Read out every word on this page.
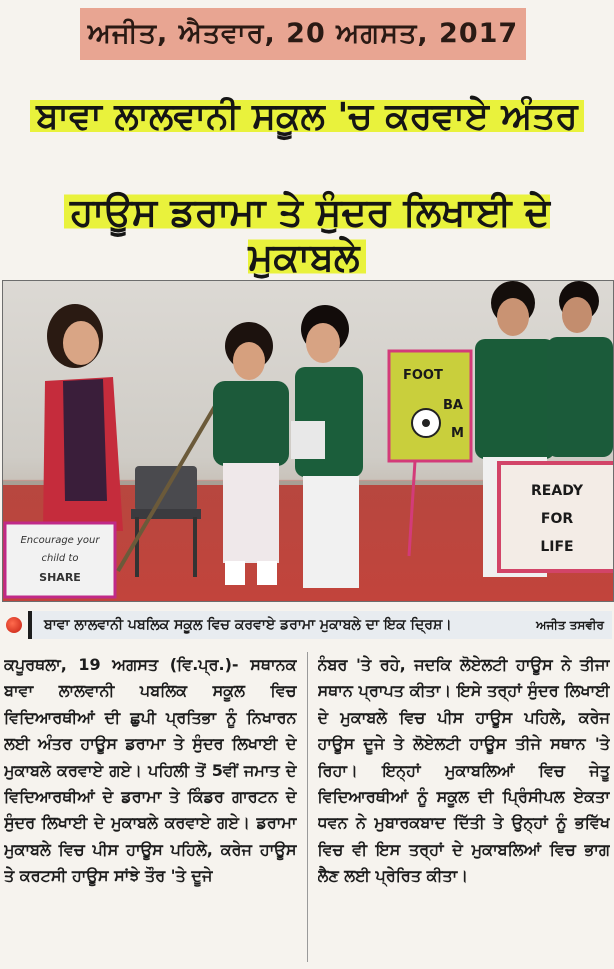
ਅਜੀਤ, ਐਤਵਾਰ, 20 ਅਗਸਤ, 2017
ਬਾਵਾ ਲਾਲਵਾਨੀ ਸਕੂਲ 'ਚ ਕਰਵਾਏ ਅੰਤਰ
ਹਾਊਸ ਡਰਾਮਾ ਤੇ ਸੁੰਦਰ ਲਿਖਾਈ ਦੇ ਮੁਕਾਬਲੇ
FOOT
BA
M
READY
FOR
LIFE
Encourage your
child to
SHARE
ਬਾਵਾ ਲਾਲਵਾਨੀ ਪਬਲਿਕ ਸਕੂਲ ਵਿਚ ਕਰਵਾਏ ਡਰਾਮਾ ਮੁਕਾਬਲੇ ਦਾ ਇਕ ਦ੍ਰਿਸ਼।	ਅਜੀਤ ਤਸਵੀਰ

ਕਪੂਰਥਲਾ, 19 ਅਗਸਤ (ਵਿ.ਪ੍ਰ.)- ਸਥਾਨਕ ਬਾਵਾ ਲਾਲਵਾਨੀ ਪਬਲਿਕ ਸਕੂਲ ਵਿਚ ਵਿਦਿਆਰਥੀਆਂ ਦੀ ਛੁਪੀ ਪ੍ਰਤਿਭਾ ਨੂੰ ਨਿਖਾਰਨ ਲਈ ਅੰਤਰ ਹਾਊਸ ਡਰਾਮਾ ਤੇ ਸੁੰਦਰ ਲਿਖਾਈ ਦੇ ਮੁਕਾਬਲੇ ਕਰਵਾਏ ਗਏ। ਪਹਿਲੀ ਤੋਂ 5ਵੀਂ ਜਮਾਤ ਦੇ ਵਿਦਿਆਰਥੀਆਂ ਦੇ ਡਰਾਮਾ ਤੇ ਕਿੰਡਰ ਗਾਰਟਨ ਦੇ ਸੁੰਦਰ ਲਿਖਾਈ ਦੇ ਮੁਕਾਬਲੇ ਕਰਵਾਏ ਗਏ। ਡਰਾਮਾ ਮੁਕਾਬਲੇ ਵਿਚ ਪੀਸ ਹਾਊਸ ਪਹਿਲੇ, ਕਰੇਜ ਹਾਊਸ ਤੇ ਕਰਟਸੀ ਹਾਊਸ ਸਾਂਝੇ ਤੌਰ 'ਤੇ ਦੂਜੇ

ਨੰਬਰ 'ਤੇ ਰਹੇ, ਜਦਕਿ ਲੋਏਲਟੀ ਹਾਊਸ ਨੇ ਤੀਜਾ ਸਥਾਨ ਪ੍ਰਾਪਤ ਕੀਤਾ। ਇਸੇ ਤਰ੍ਹਾਂ ਸੁੰਦਰ ਲਿਖਾਈ ਦੇ ਮੁਕਾਬਲੇ ਵਿਚ ਪੀਸ ਹਾਊਸ ਪਹਿਲੇ, ਕਰੇਜ ਹਾਊਸ ਦੂਜੇ ਤੇ ਲੋਏਲਟੀ ਹਾਊਸ ਤੀਜੇ ਸਥਾਨ 'ਤੇ ਰਿਹਾ। ਇਨ੍ਹਾਂ ਮੁਕਾਬਲਿਆਂ ਵਿਚ ਜੇਤੂ ਵਿਦਿਆਰਥੀਆਂ ਨੂੰ ਸਕੂਲ ਦੀ ਪ੍ਰਿੰਸੀਪਲ ਏਕਤਾ ਧਵਨ ਨੇ ਮੁਬਾਰਕਬਾਦ ਦਿੱਤੀ ਤੇ ਉਨ੍ਹਾਂ ਨੂੰ ਭਵਿੱਖ ਵਿਚ ਵੀ ਇਸ ਤਰ੍ਹਾਂ ਦੇ ਮੁਕਾਬਲਿਆਂ ਵਿਚ ਭਾਗ ਲੈਣ ਲਈ ਪ੍ਰੇਰਿਤ ਕੀਤਾ।
